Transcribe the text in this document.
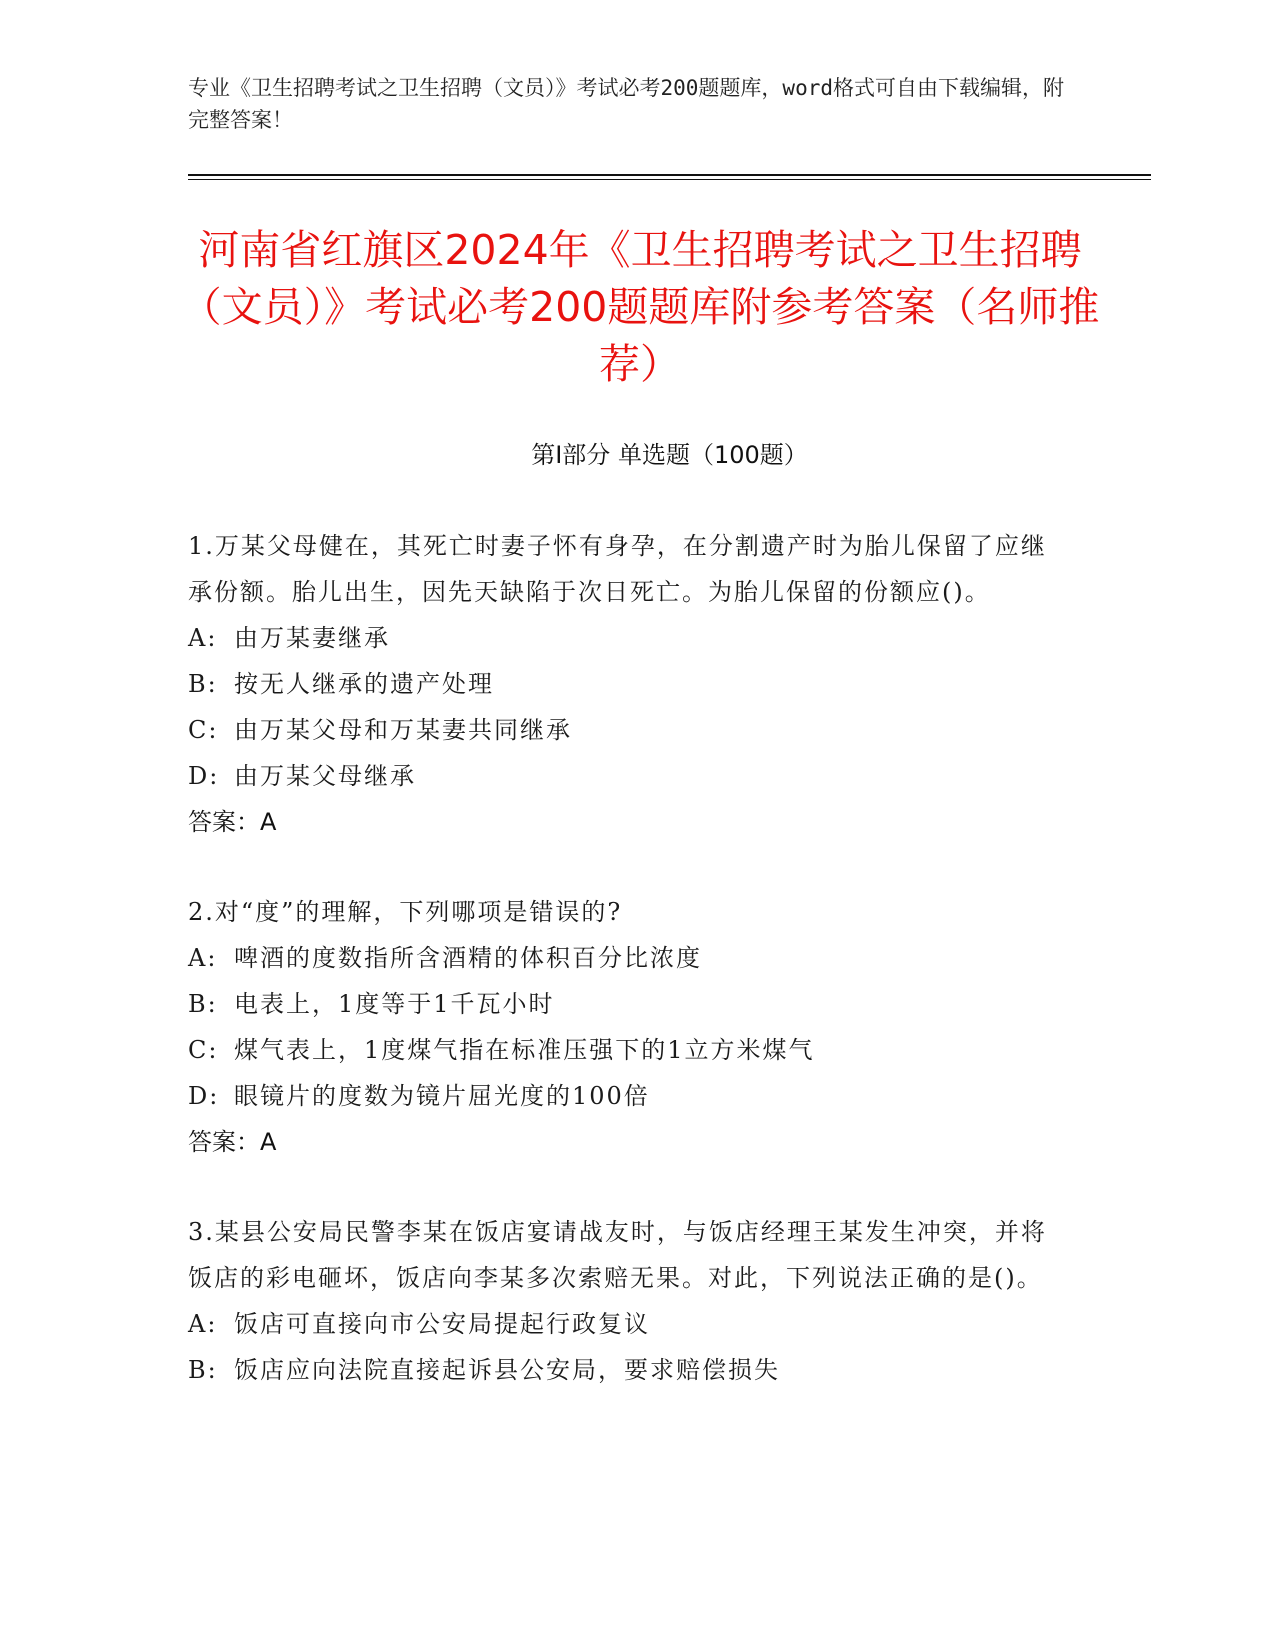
专业《卫生招聘考试之卫生招聘（文员）》考试必考200题题库，word格式可自由下载编辑，附完整答案！
河南省红旗区2024年《卫生招聘考试之卫生招聘（文员）》考试必考200题题库附参考答案（名师推荐）
第Ⅰ部分 单选题（100题）

1.万某父母健在，其死亡时妻子怀有身孕，在分割遗产时为胎儿保留了应继承份额。胎儿出生，因先天缺陷于次日死亡。为胎儿保留的份额应()。

A: 由万某妻继承

B: 按无人继承的遗产处理

C: 由万某父母和万某妻共同继承

D: 由万某父母继承

答案：A

2.对“度”的理解，下列哪项是错误的?

A: 啤酒的度数指所含酒精的体积百分比浓度

B: 电表上，1度等于1千瓦小时

C: 煤气表上，1度煤气指在标准压强下的1立方米煤气

D: 眼镜片的度数为镜片屈光度的100倍

答案：A

3.某县公安局民警李某在饭店宴请战友时，与饭店经理王某发生冲突，并将饭店的彩电砸坏，饭店向李某多次索赔无果。对此，下列说法正确的是()。

A: 饭店可直接向市公安局提起行政复议

B: 饭店应向法院直接起诉县公安局，要求赔偿损失
